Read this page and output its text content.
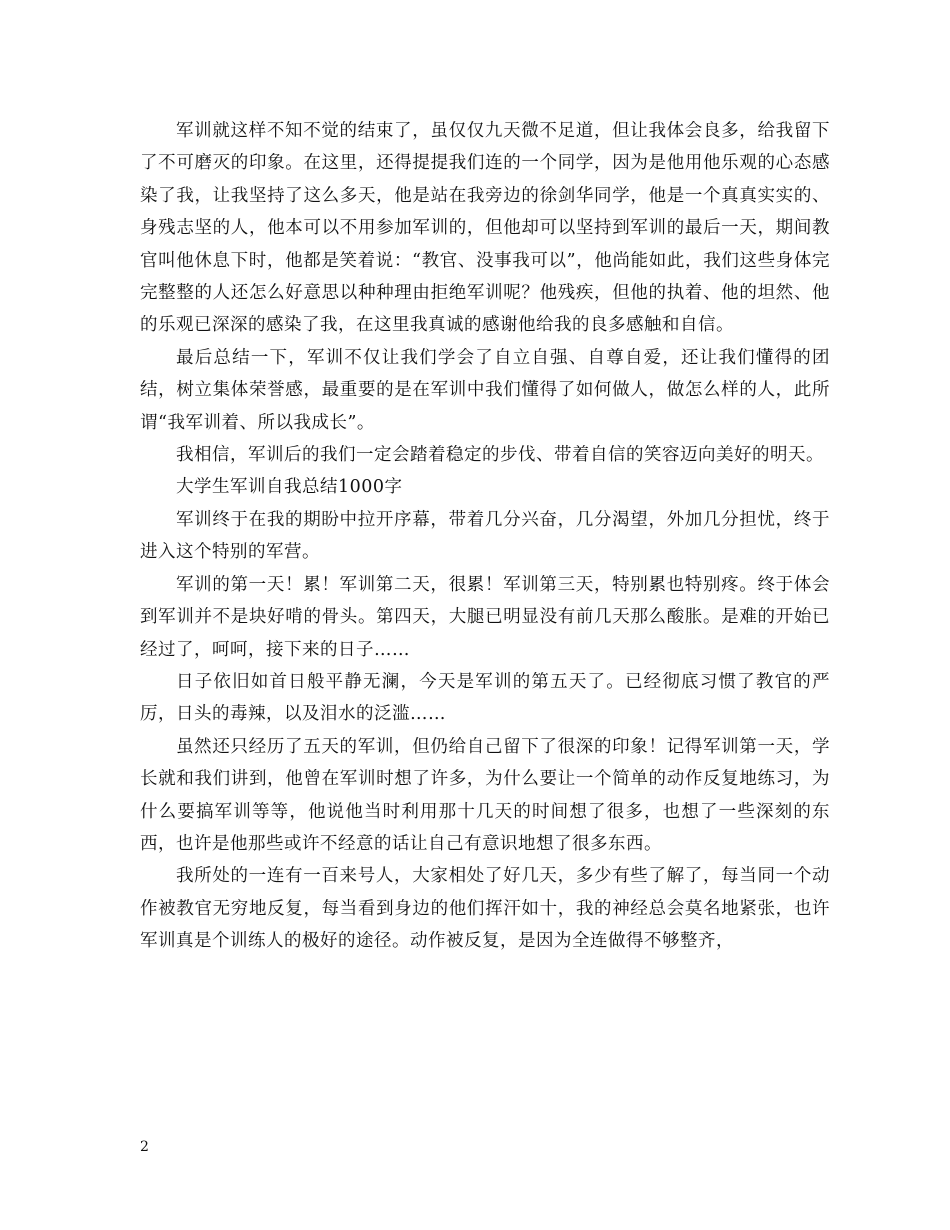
军训就这样不知不觉的结束了，虽仅仅九天微不足道，但让我体会良多，给我留下了不可磨灭的印象。在这里，还得提提我们连的一个同学，因为是他用他乐观的心态感染了我，让我坚持了这么多天，他是站在我旁边的徐剑华同学，他是一个真真实实的、身残志坚的人，他本可以不用参加军训的，但他却可以坚持到军训的最后一天，期间教官叫他休息下时，他都是笑着说：“教官、没事我可以”，他尚能如此，我们这些身体完完整整的人还怎么好意思以种种理由拒绝军训呢？他残疾，但他的执着、他的坦然、他的乐观已深深的感染了我，在这里我真诚的感谢他给我的良多感触和自信。

最后总结一下，军训不仅让我们学会了自立自强、自尊自爱，还让我们懂得的团结，树立集体荣誉感，最重要的是在军训中我们懂得了如何做人，做怎么样的人，此所谓“我军训着、所以我成长”。

我相信，军训后的我们一定会踏着稳定的步伐、带着自信的笑容迈向美好的明天。

大学生军训自我总结1000字

军训终于在我的期盼中拉开序幕，带着几分兴奋，几分渴望，外加几分担忧，终于进入这个特别的军营。

军训的第一天！累！军训第二天，很累！军训第三天，特别累也特别疼。终于体会到军训并不是块好啃的骨头。第四天，大腿已明显没有前几天那么酸胀。是难的开始已经过了，呵呵，接下来的日子……

日子依旧如首日般平静无澜，今天是军训的第五天了。已经彻底习惯了教官的严厉，日头的毒辣，以及泪水的泛滥……

虽然还只经历了五天的军训，但仍给自己留下了很深的印象！记得军训第一天，学长就和我们讲到，他曾在军训时想了许多，为什么要让一个简单的动作反复地练习，为什么要搞军训等等，他说他当时利用那十几天的时间想了很多，也想了一些深刻的东西，也许是他那些或许不经意的话让自己有意识地想了很多东西。

我所处的一连有一百来号人，大家相处了好几天，多少有些了解了，每当同一个动作被教官无穷地反复，每当看到身边的他们挥汗如十，我的神经总会莫名地紧张，也许军训真是个训练人的极好的途径。动作被反复，是因为全连做得不够整齐，

2
